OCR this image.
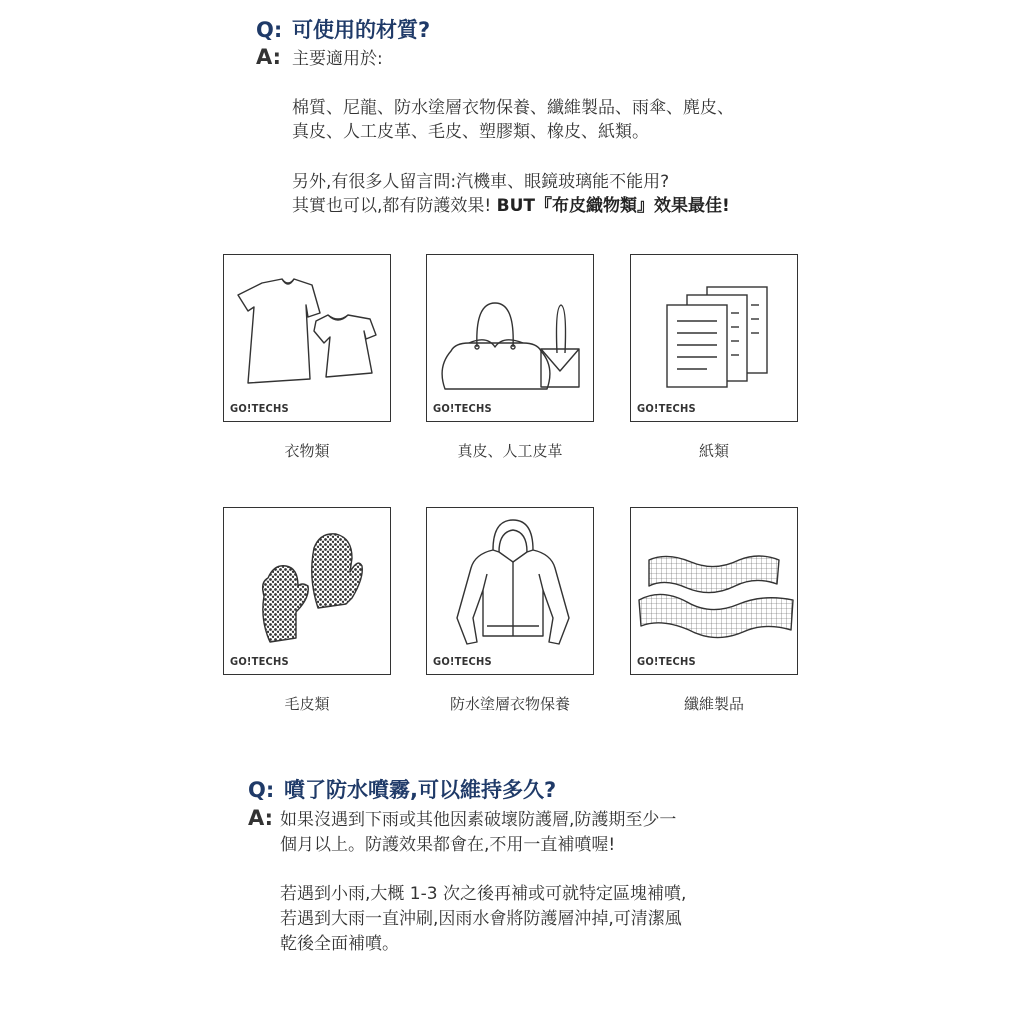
Q: 可使用的材質?
A: 主要適用於:
棉質、尼龍、防水塗層衣物保養、纖維製品、雨傘、麂皮、
真皮、人工皮革、毛皮、塑膠類、橡皮、紙類。
另外,有很多人留言問:汽機車、眼鏡玻璃能不能用?
其實也可以,都有防護效果! BUT『布皮織物類』效果最佳!
GO!TECHS
衣物類
GO!TECHS
真皮、人工皮革
GO!TECHS
紙類
GO!TECHS
毛皮類
GO!TECHS
防水塗層衣物保養
GO!TECHS
纖維製品
Q: 噴了防水噴霧,可以維持多久?
A: 如果沒遇到下雨或其他因素破壞防護層,防護期至少一
個月以上。防護效果都會在,不用一直補噴喔!
若遇到小雨,大概 1-3 次之後再補或可就特定區塊補噴,
若遇到大雨一直沖刷,因雨水會將防護層沖掉,可清潔風
乾後全面補噴。
